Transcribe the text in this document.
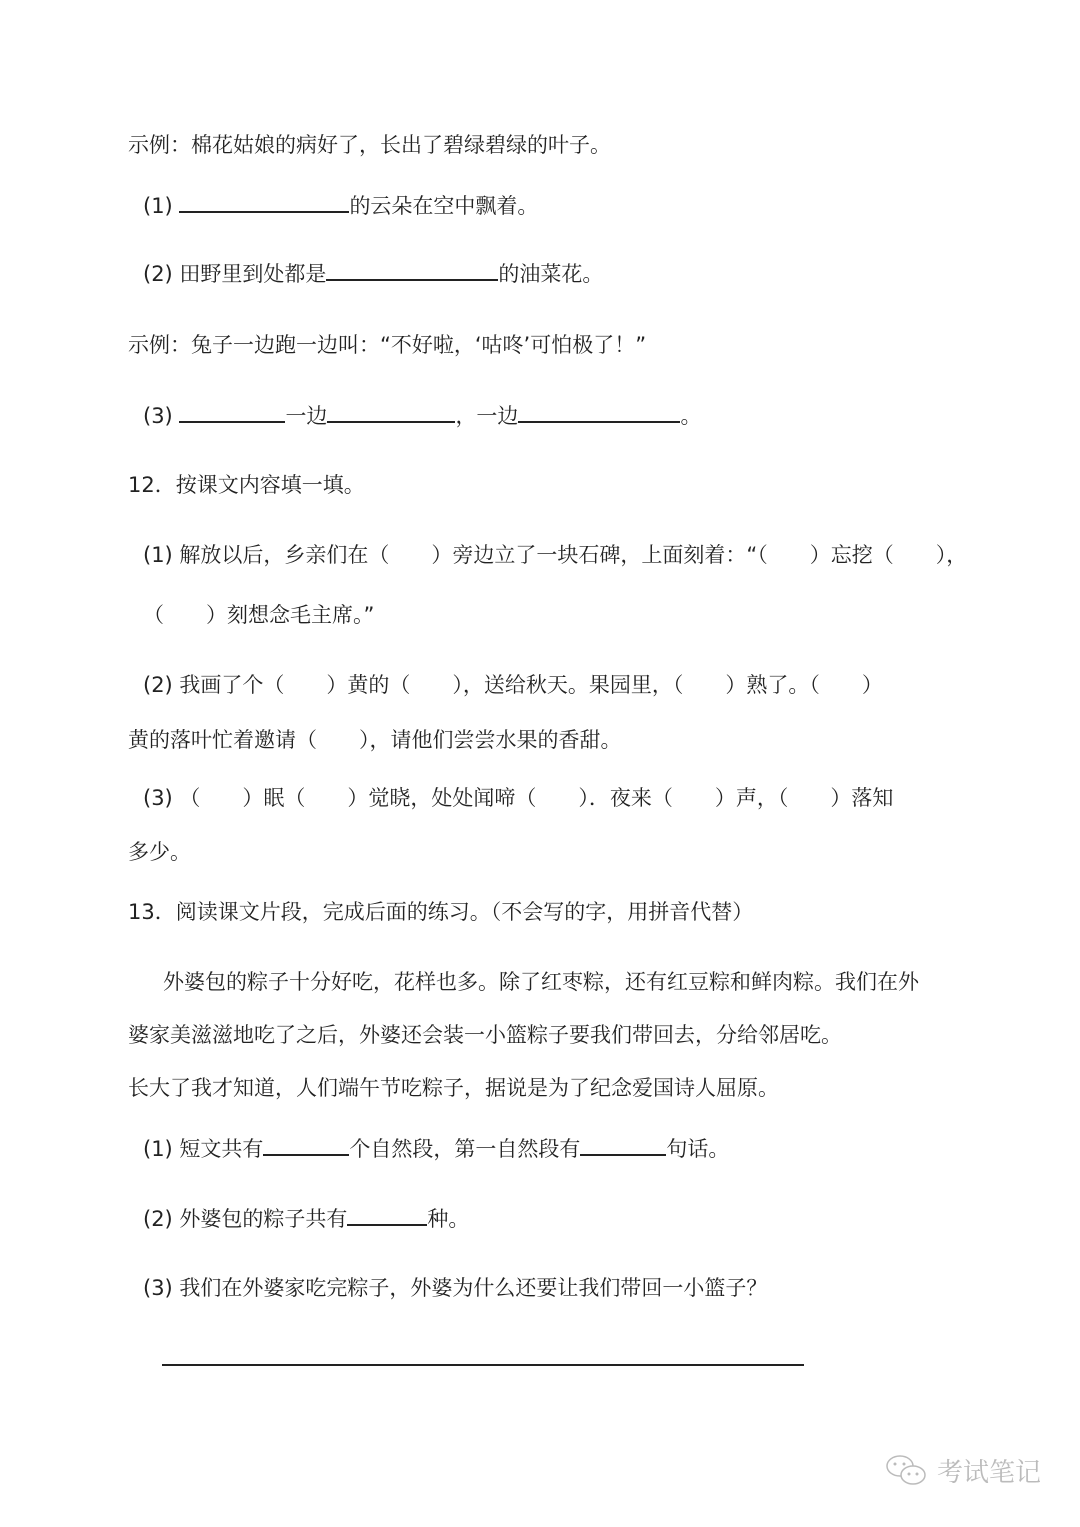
示例：棉花姑娘的病好了，长出了碧绿碧绿的叶子。
(1)	的云朵在空中飘着。
(2) 田野里到处都是	的油菜花。
示例：兔子一边跑一边叫：“不好啦，‘咕咚’可怕极了！”
(3)	一边	，一边	。
12．按课文内容填一填。
(1) 解放以后，乡亲们在（　　）旁边立了一块石碑，上面刻着：“（　　）忘挖（　　），
（　　）刻想念毛主席。”
(2) 我画了个（　　）黄的（　　），送给秋天。果园里，（　　）熟了。（　　）
黄的落叶忙着邀请（　　），请他们尝尝水果的香甜。
(3) （　　）眠（　　）觉晓，处处闻啼（　　）．夜来（　　）声，（　　）落知
多少。
13．阅读课文片段，完成后面的练习。（不会写的字，用拼音代替）
外婆包的粽子十分好吃，花样也多。除了红枣粽，还有红豆粽和鲜肉粽。我们在外
婆家美滋滋地吃了之后，外婆还会装一小篮粽子要我们带回去，分给邻居吃。
长大了我才知道，人们端午节吃粽子，据说是为了纪念爱国诗人屈原。
(1) 短文共有	个自然段，第一自然段有	句话。
(2) 外婆包的粽子共有	种。
(3) 我们在外婆家吃完粽子，外婆为什么还要让我们带回一小篮子？
考试笔记
